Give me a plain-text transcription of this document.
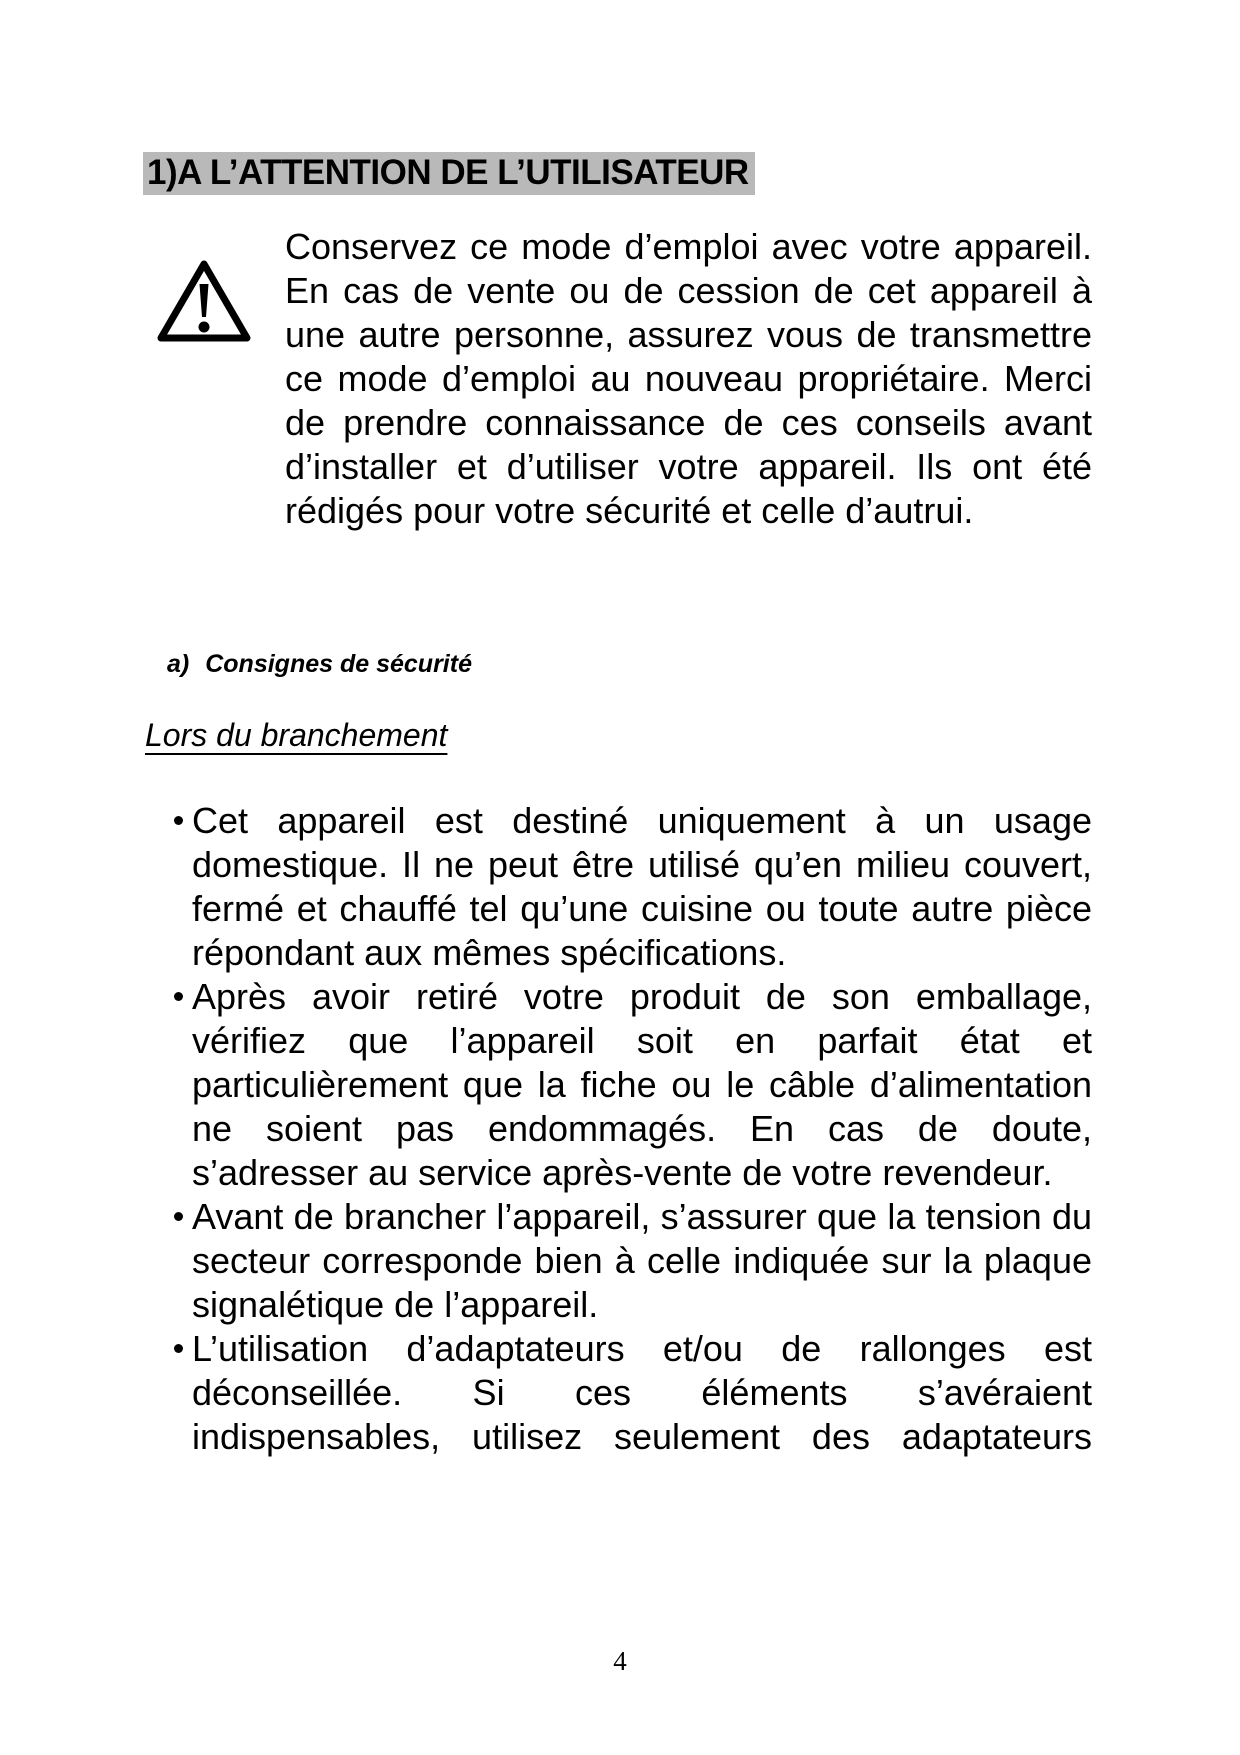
1)A L’ATTENTION DE L’UTILISATEUR

Conservez ce mode d’emploi avec votre appareil. En cas de vente ou de cession de cet appareil à une autre personne, assurez vous de transmettre ce mode d’emploi au nouveau propriétaire. Merci de prendre connaissance de ces conseils avant d’installer et d’utiliser votre appareil. Ils ont été rédigés pour votre sécurité et celle d’autrui.

a) Consignes de sécurité
Lors du branchement
Cet appareil est destiné uniquement à un usage domestique. Il ne peut être utilisé qu’en milieu couvert, fermé et chauffé tel qu’une cuisine ou toute autre pièce répondant aux mêmes spécifications.
Après avoir retiré votre produit de son emballage, vérifiez que l’appareil soit en parfait état et particulièrement que la fiche ou le câble d’alimentation ne soient pas endommagés. En cas de doute, s’adresser au service après-vente de votre revendeur.
Avant de brancher l’appareil, s’assurer que la tension du secteur corresponde bien à celle indiquée sur la plaque signalétique de l’appareil.
L’utilisation d’adaptateurs et/ou de rallonges est déconseillée. Si ces éléments s’avéraient indispensables, utilisez seulement des adaptateurs
4
